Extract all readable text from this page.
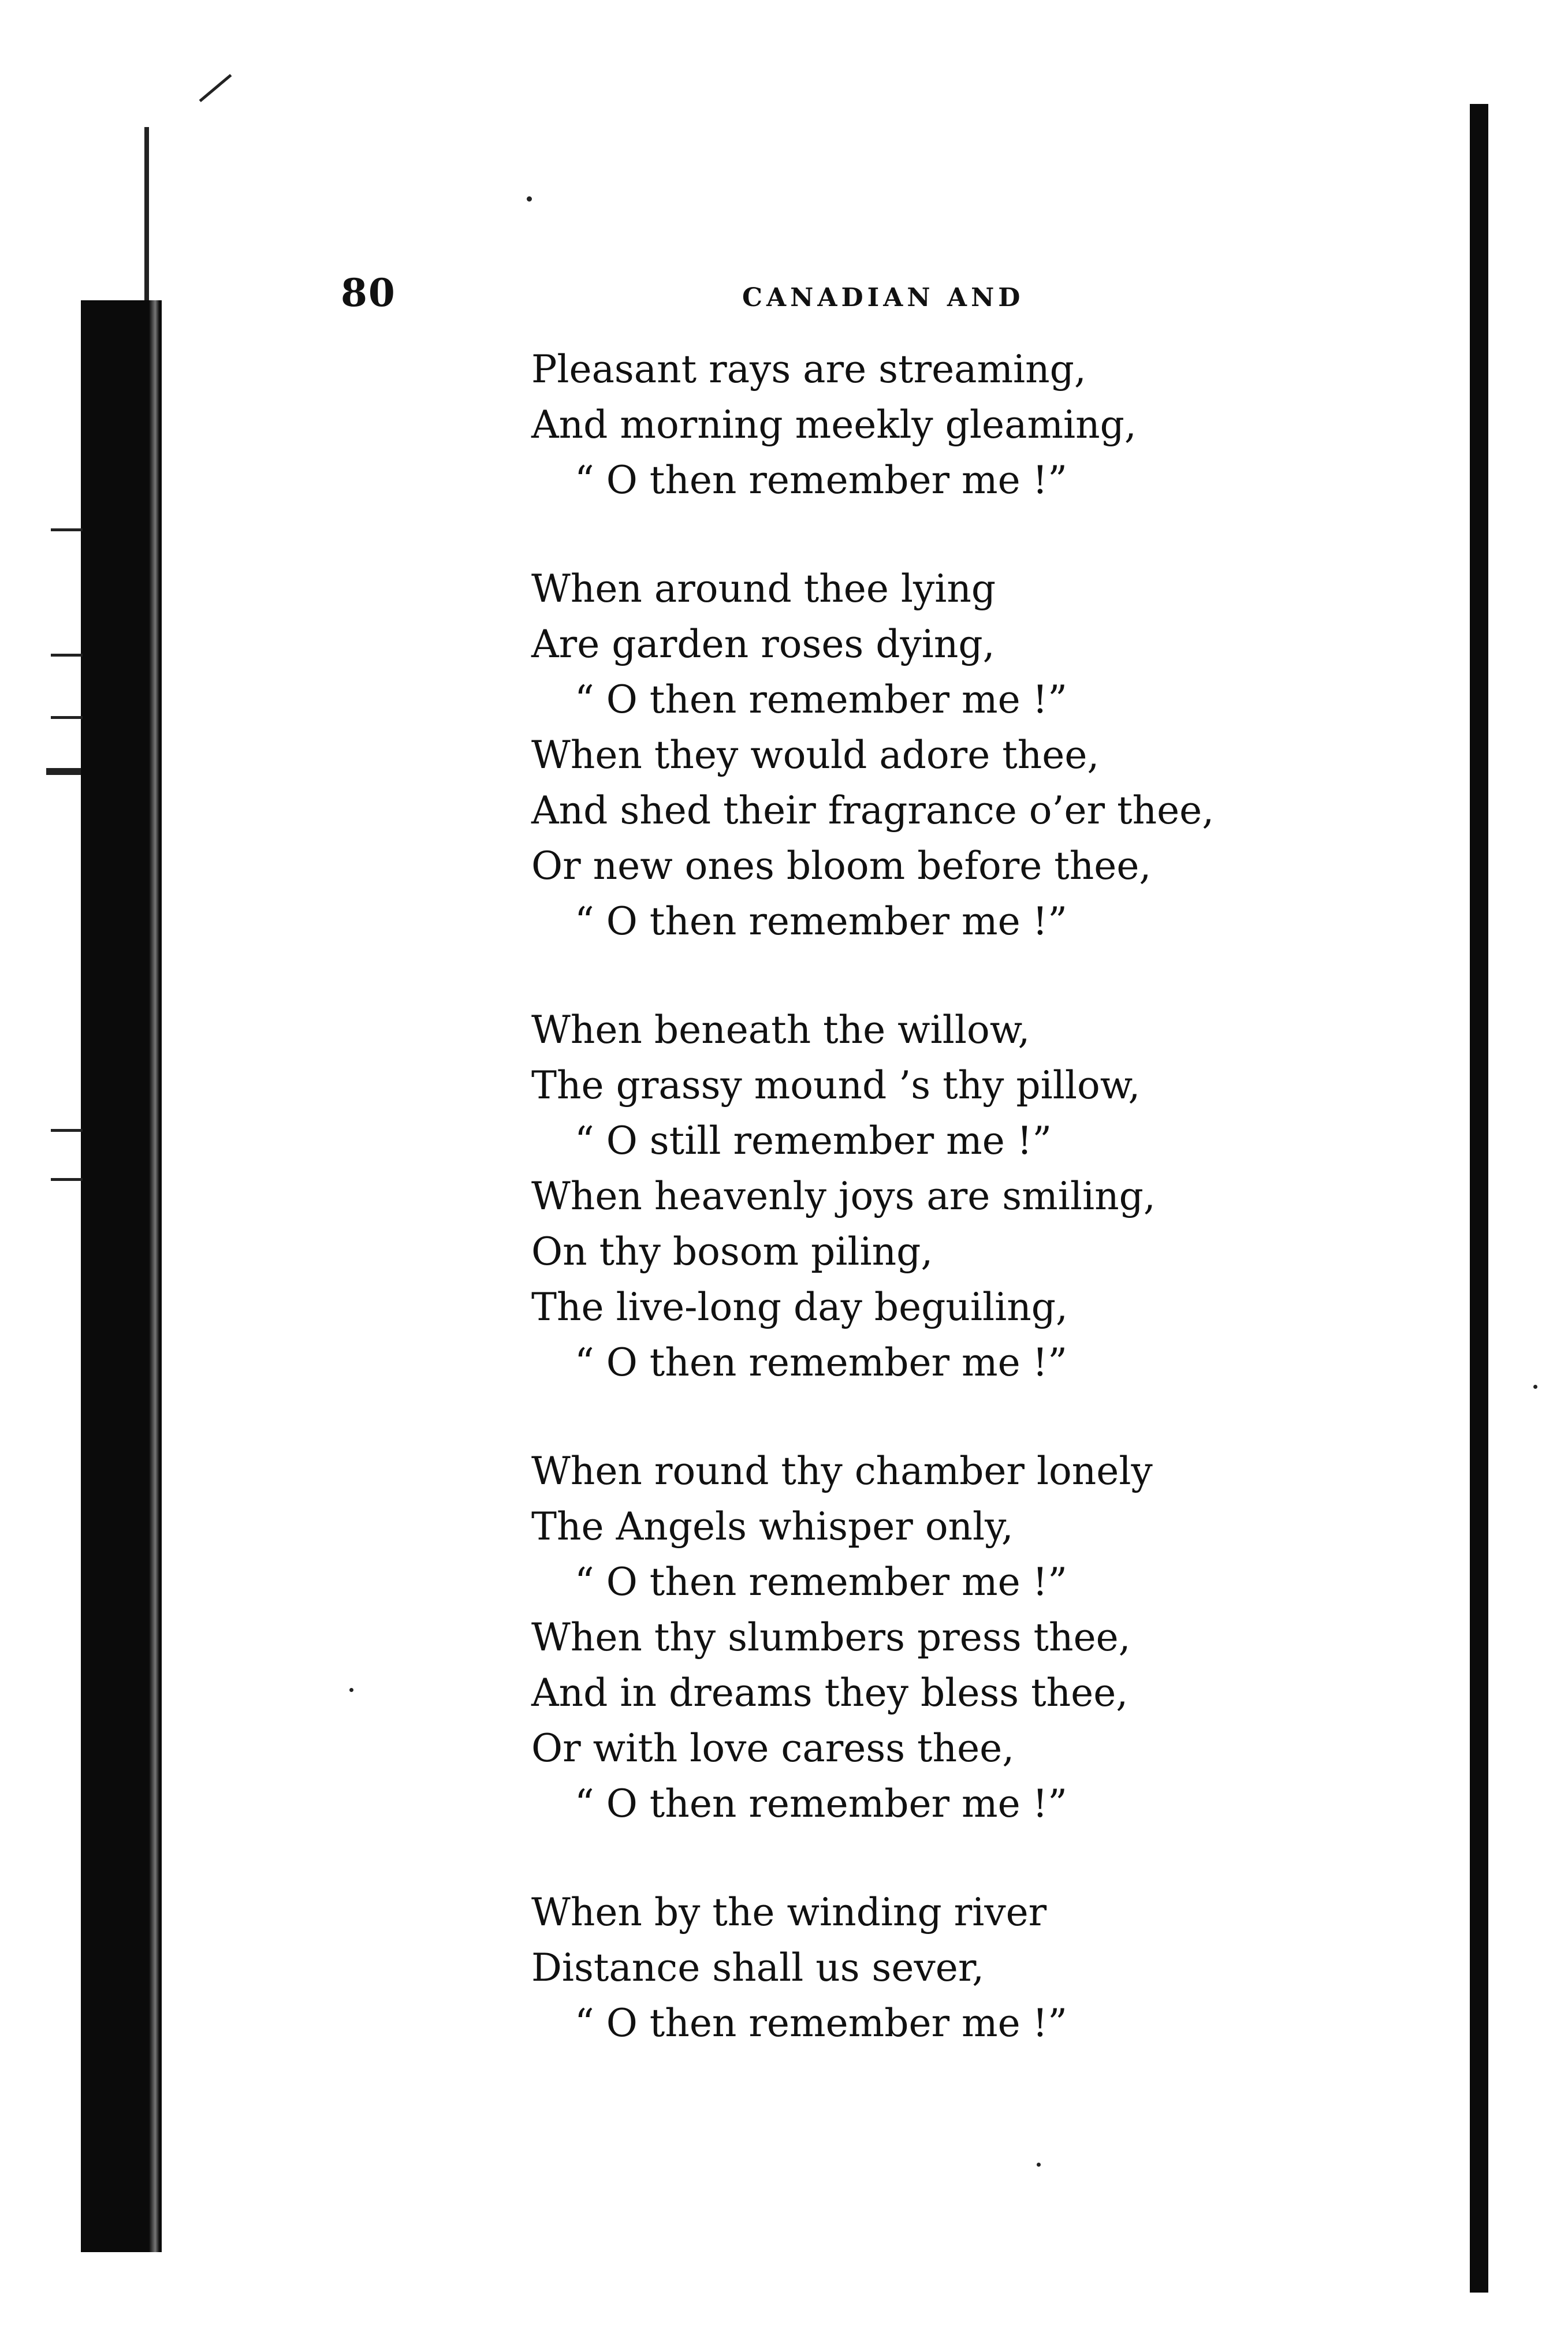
80	CANADIAN AND
Pleasant rays are streaming,
And morning meekly gleaming,
“ O then remember me !”
When around thee lying
Are garden roses dying,
“ O then remember me !”
When they would adore thee,
And shed their fragrance o’er thee,
Or new ones bloom before thee,
“ O then remember me !”
When beneath the willow,
The grassy mound ’s thy pillow,
“ O still remember me !”
When heavenly joys are smiling,
On thy bosom piling,
The live-long day beguiling,
“ O then remember me !”
When round thy chamber lonely
The Angels whisper only,
“ O then remember me !”
When thy slumbers press thee,
And in dreams they bless thee,
Or with love caress thee,
“ O then remember me !”
When by the winding river
Distance shall us sever,
“ O then remember me !”
